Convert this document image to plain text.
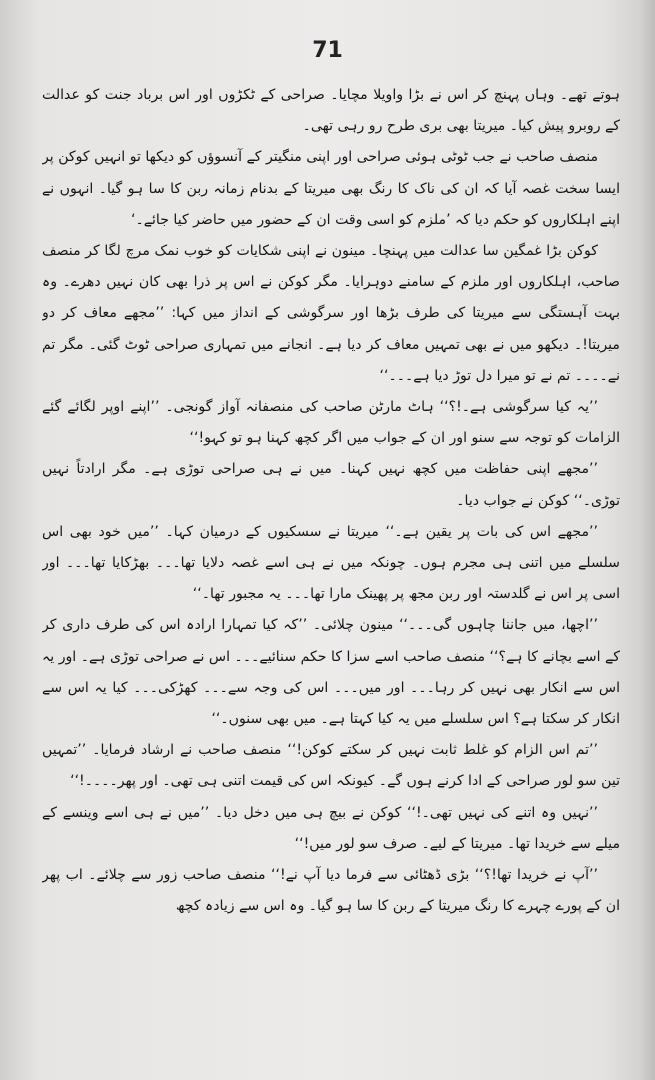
71

ہوتے تھے۔ وہاں پہنچ کر اس نے بڑا واویلا مچایا۔ صراحی کے ٹکڑوں اور اس برباد جنت کو عدالت کے روبرو پیش کیا۔ میریتا بھی بری طرح رو رہی تھی۔

منصف صاحب نے جب ٹوٹی ہوئی صراحی اور اپنی منگیتر کے آنسوؤں کو دیکھا تو انہیں کوکن پر ایسا سخت غصہ آیا کہ ان کی ناک کا رنگ بھی میریتا کے بدنام زمانہ ربن کا سا ہو گیا۔ انہوں نے اپنے اہلکاروں کو حکم دیا کہ ’ملزم کو اسی وقت ان کے حضور میں حاضر کیا جائے۔‘

کوکن بڑا غمگین سا عدالت میں پہنچا۔ مینون نے اپنی شکایات کو خوب نمک مرچ لگا کر منصف صاحب، اہلکاروں اور ملزم کے سامنے دوہرایا۔ مگر کوکن نے اس پر ذرا بھی کان نہیں دھرے۔ وہ بہت آہستگی سے میریتا کی طرف بڑھا اور سرگوشی کے انداز میں کہا: ’’مجھے معاف کر دو میریتا!۔ دیکھو میں نے بھی تمہیں معاف کر دیا ہے۔ انجانے میں تمہاری صراحی ٹوٹ گئی۔ مگر تم نے۔۔۔۔ تم نے تو میرا دل توڑ دیا ہے۔۔۔‘‘

’’یہ کیا سرگوشی ہے۔!؟‘‘ ہاٹ مارٹن صاحب کی منصفانہ آواز گونجی۔ ’’اپنے اوپر لگائے گئے الزامات کو توجہ سے سنو اور ان کے جواب میں اگر کچھ کہنا ہو تو کہو!‘‘

’’مجھے اپنی حفاظت میں کچھ نہیں کہنا۔ میں نے ہی صراحی توڑی ہے۔ مگر ارادتاً نہیں توڑی۔‘‘ کوکن نے جواب دیا۔

’’مجھے اس کی بات پر یقین ہے۔‘‘ میریتا نے سسکیوں کے درمیان کہا۔ ’’میں خود بھی اس سلسلے میں اتنی ہی مجرم ہوں۔ چونکہ میں نے ہی اسے غصہ دلایا تھا۔۔۔ بھڑکایا تھا۔۔۔ اور اسی پر اس نے گلدستہ اور ربن مجھ پر پھینک مارا تھا۔۔۔ یہ مجبور تھا۔‘‘

’’اچھا، میں جاننا چاہوں گی۔۔۔‘‘ مینون چلائی۔ ’’کہ کیا تمہارا ارادہ اس کی طرف داری کر کے اسے بچانے کا ہے؟‘‘ منصف صاحب اسے سزا کا حکم سنائیے۔۔۔ اس نے صراحی توڑی ہے۔ اور یہ اس سے انکار بھی نہیں کر رہا۔۔۔ اور میں۔۔۔ اس کی وجہ سے۔۔۔ کھڑکی۔۔۔ کیا یہ اس سے انکار کر سکتا ہے؟ اس سلسلے میں یہ کیا کہتا ہے۔ میں بھی سنوں۔‘‘

’’تم اس الزام کو غلط ثابت نہیں کر سکتے کوکن!‘‘ منصف صاحب نے ارشاد فرمایا۔ ’’تمہیں تین سو لور صراحی کے ادا کرنے ہوں گے۔ کیونکہ اس کی قیمت اتنی ہی تھی۔ اور پھر۔۔۔۔!‘‘

’’نہیں وہ اتنے کی نہیں تھی۔!‘‘ کوکن نے بیچ ہی میں دخل دیا۔ ’’میں نے ہی اسے وینسے کے میلے سے خریدا تھا۔ میریتا کے لیے۔ صرف سو لور میں!‘‘

’’آپ نے خریدا تھا!؟‘‘ بڑی ڈھٹائی سے فرما دیا آپ نے!‘‘ منصف صاحب زور سے چلائے۔ اب پھر ان کے پورے چہرے کا رنگ میریتا کے ربن کا سا ہو گیا۔ وہ اس سے زیادہ کچھ
